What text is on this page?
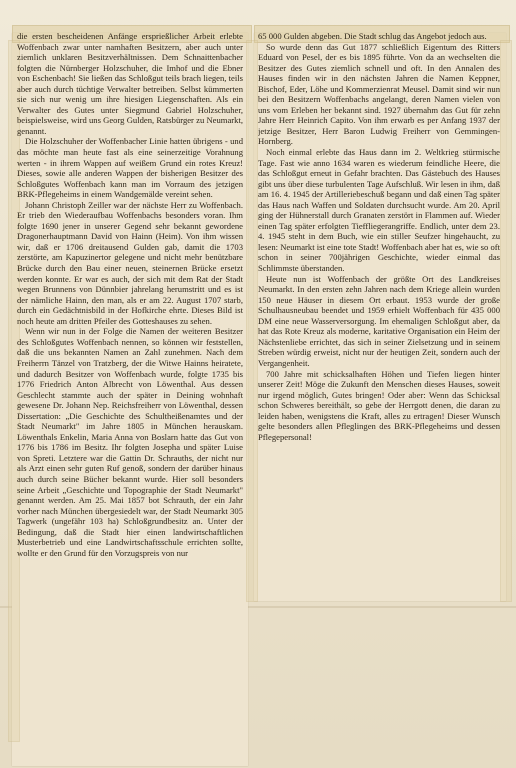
die ersten bescheidenen Anfänge ersprießlicher Arbeit erlebte Woffenbach zwar unter namhaften Besitzern, aber auch unter ziemlich unklaren Besitzverhältnissen. Dem Schnaittenbacher folgten die Nürnberger Holzschuher, die Imhof und die Ebner von Eschenbach! Sie ließen das Schloßgut teils brach liegen, teils aber auch durch tüchtige Verwalter betreiben. Selbst kümmerten sie sich nur wenig um ihre hiesigen Liegenschaften. Als ein Verwalter des Gutes unter Siegmund Gabriel Holzschuher, beispielsweise, wird uns Georg Gulden, Ratsbürger zu Neumarkt, genannt.

Die Holzschuher der Woffenbacher Linie hatten übrigens - und das möchte man heute fast als eine seinerzeitige Vorahnung werten - in ihrem Wappen auf weißem Grund ein rotes Kreuz! Dieses, sowie alle anderen Wappen der bisherigen Besitzer des Schloßgutes Woffenbach kann man im Vorraum des jetzigen BRK-Pflegeheims in einem Wandgemälde vereint sehen.

Johann Christoph Zeiller war der nächste Herr zu Woffenbach. Er trieb den Wiederaufbau Woffenbachs besonders voran. Ihm folgte 1690 jener in unserer Gegend sehr bekannt gewordene Dragonerhauptmann David von Hainn (Heim). Von ihm wissen wir, daß er 1706 dreitausend Gulden gab, damit die 1703 zerstörte, am Kapuzinertor gelegene und nicht mehr benützbare Brücke durch den Bau einer neuen, steinernen Brücke ersetzt werden konnte. Er war es auch, der sich mit dem Rat der Stadt wegen Brunnens von Dünnbier jahrelang herumstritt und es ist der nämliche Hainn, den man, als er am 22. August 1707 starb, durch ein Gedächtnisbild in der Hofkirche ehrte. Dieses Bild ist noch heute am dritten Pfeiler des Gotteshauses zu sehen.

Wenn wir nun in der Folge die Namen der weiteren Besitzer des Schloßgutes Woffenbach nennen, so können wir feststellen, daß die uns bekannten Namen an Zahl zunehmen. Nach dem Freiherrn Tänzel von Tratzberg, der die Witwe Hainns heiratete, und dadurch Besitzer von Woffenbach wurde, folgte 1735 bis 1776 Friedrich Anton Albrecht von Löwenthal. Aus dessen Geschlecht stammte auch der später in Deining wohnhaft gewesene Dr. Johann Nep. Reichsfreiherr von Löwenthal, dessen Dissertation: „Die Geschichte des Schultheißenamtes und der Stadt Neumarkt" im Jahre 1805 in München herauskam. Löwenthals Enkelin, Maria Anna von Boslarn hatte das Gut von 1776 bis 1786 im Besitz. Ihr folgten Josepha und später Luise von Spreti. Letztere war die Gattin Dr. Schrauths, der nicht nur als Arzt einen sehr guten Ruf genoß, sondern der darüber hinaus auch durch seine Bücher bekannt wurde. Hier soll besonders seine Arbeit „Geschichte und Topographie der Stadt Neumarkt" genannt werden. Am 25. Mai 1857 bot Schrauth, der ein Jahr vorher nach München übergesiedelt war, der Stadt Neumarkt 305 Tagwerk (ungefähr 103 ha) Schloßgrundbesitz an. Unter der Bedingung, daß die Stadt hier einen landwirtschaftlichen Musterbetrieb und eine Landwirtschaftsschule errichten sollte, wollte er den Grund für den Vorzugspreis von nur

65 000 Gulden abgeben. Die Stadt schlug das Angebot jedoch aus.

So wurde denn das Gut 1877 schließlich Eigentum des Ritters Eduard von Pesel, der es bis 1895 führte. Von da an wechselten die Besitzer des Gutes ziemlich schnell und oft. In den Annalen des Hauses finden wir in den nächsten Jahren die Namen Keppner, Bischof, Eder, Löhe und Kommerzienrat Meusel. Damit sind wir nun bei den Besitzern Woffenbachs angelangt, deren Namen vielen von uns vom Erleben her bekannt sind. 1927 übernahm das Gut für zehn Jahre Herr Heinrich Capito. Von ihm erwarb es per Anfang 1937 der jetzige Besitzer, Herr Baron Ludwig Freiherr von Gemmingen-Hornberg.

Noch einmal erlebte das Haus dann im 2. Weltkrieg stürmische Tage. Fast wie anno 1634 waren es wiederum feindliche Heere, die das Schloßgut erneut in Gefahr brachten. Das Gästebuch des Hauses gibt uns über diese turbulenten Tage Aufschluß. Wir lesen in ihm, daß am 16. 4. 1945 der Artilleriebeschuß begann und daß einen Tag später das Haus nach Waffen und Soldaten durchsucht wurde. Am 20. April ging der Hühnerstall durch Granaten zerstört in Flammen auf. Wieder einen Tag später erfolgten Tieffliegerangriffe. Endlich, unter dem 23. 4. 1945 steht in dem Buch, wie ein stiller Seufzer hingehaucht, zu lesen: Neumarkt ist eine tote Stadt! Woffenbach aber hat es, wie so oft schon in seiner 700jährigen Geschichte, wieder einmal das Schlimmste überstanden.

Heute nun ist Woffenbach der größte Ort des Landkreises Neumarkt. In den ersten zehn Jahren nach dem Kriege allein wurden 150 neue Häuser in diesem Ort erbaut. 1953 wurde der große Schulhausneubau beendet und 1959 erhielt Woffenbach für 435 000 DM eine neue Wasserversorgung. Im ehemaligen Schloßgut aber, da hat das Rote Kreuz als moderne, karitative Organisation ein Heim der Nächstenliebe errichtet, das sich in seiner Zielsetzung und in seinem Streben würdig erweist, nicht nur der heutigen Zeit, sondern auch der Vergangenheit.

700 Jahre mit schicksalhaften Höhen und Tiefen liegen hinter unserer Zeit! Möge die Zukunft den Menschen dieses Hauses, soweit nur irgend möglich, Gutes bringen! Oder aber: Wenn das Schicksal schon Schweres bereithält, so gebe der Herrgott denen, die daran zu leiden haben, wenigstens die Kraft, alles zu ertragen! Dieser Wunsch gelte besonders allen Pfleglingen des BRK-Pflegeheims und dessen Pflegepersonal!
